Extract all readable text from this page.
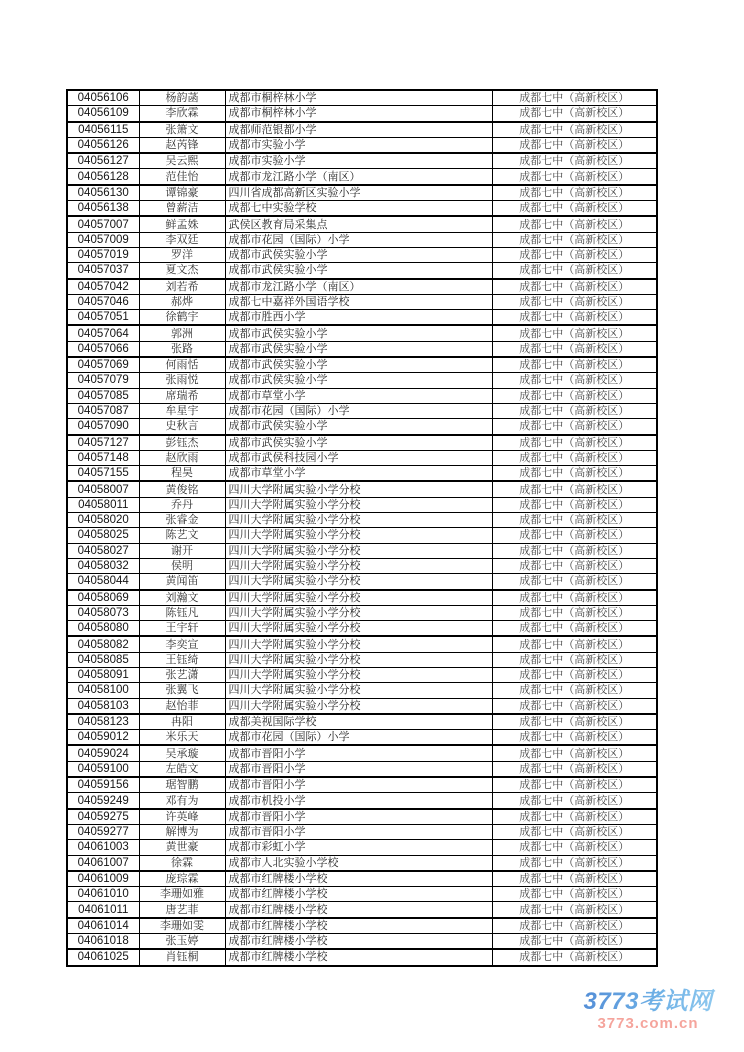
04056106	杨韵菡	成都市桐梓林小学	成都七中（高新校区）
04056109	李欣霖	成都市桐梓林小学	成都七中（高新校区）
04056115	张箫文	成都师范银都小学	成都七中（高新校区）
04056126	赵芮锋	成都市实验小学	成都七中（高新校区）
04056127	吴云熙	成都市实验小学	成都七中（高新校区）
04056128	范佳怡	成都市龙江路小学（南区）	成都七中（高新校区）
04056130	谭锦豪	四川省成都高新区实验小学	成都七中（高新校区）
04056138	曾薪洁	成都七中实验学校	成都七中（高新校区）
04057007	鲜孟姝	武侯区教育局采集点	成都七中（高新校区）
04057009	李双廷	成都市花园（国际）小学	成都七中（高新校区）
04057019	罗洋	成都市武侯实验小学	成都七中（高新校区）
04057037	夏文杰	成都市武侯实验小学	成都七中（高新校区）
04057042	刘若希	成都市龙江路小学（南区）	成都七中（高新校区）
04057046	郝烨	成都七中嘉祥外国语学校	成都七中（高新校区）
04057051	徐鹤宇	成都市胜西小学	成都七中（高新校区）
04057064	郭洲	成都市武侯实验小学	成都七中（高新校区）
04057066	张路	成都市武侯实验小学	成都七中（高新校区）
04057069	何雨恬	成都市武侯实验小学	成都七中（高新校区）
04057079	张雨悦	成都市武侯实验小学	成都七中（高新校区）
04057085	席瑞希	成都市草堂小学	成都七中（高新校区）
04057087	牟星宇	成都市花园（国际）小学	成都七中（高新校区）
04057090	史秋言	成都市武侯实验小学	成都七中（高新校区）
04057127	彭钰杰	成都市武侯实验小学	成都七中（高新校区）
04057148	赵欣雨	成都市武侯科技园小学	成都七中（高新校区）
04057155	程昊	成都市草堂小学	成都七中（高新校区）
04058007	黄俊铭	四川大学附属实验小学分校	成都七中（高新校区）
04058011	乔丹	四川大学附属实验小学分校	成都七中（高新校区）
04058020	张睿金	四川大学附属实验小学分校	成都七中（高新校区）
04058025	陈艺文	四川大学附属实验小学分校	成都七中（高新校区）
04058027	谢开	四川大学附属实验小学分校	成都七中（高新校区）
04058032	侯明	四川大学附属实验小学分校	成都七中（高新校区）
04058044	黄闻笛	四川大学附属实验小学分校	成都七中（高新校区）
04058069	刘瀚文	四川大学附属实验小学分校	成都七中（高新校区）
04058073	陈钰凡	四川大学附属实验小学分校	成都七中（高新校区）
04058080	王宇轩	四川大学附属实验小学分校	成都七中（高新校区）
04058082	李奕宣	四川大学附属实验小学分校	成都七中（高新校区）
04058085	王钰绮	四川大学附属实验小学分校	成都七中（高新校区）
04058091	张艺潇	四川大学附属实验小学分校	成都七中（高新校区）
04058100	张翼飞	四川大学附属实验小学分校	成都七中（高新校区）
04058103	赵怡菲	四川大学附属实验小学分校	成都七中（高新校区）
04058123	冉阳	成都美视国际学校	成都七中（高新校区）
04059012	米乐天	成都市花园（国际）小学	成都七中（高新校区）
04059024	吴承璇	成都市晋阳小学	成都七中（高新校区）
04059100	左皓文	成都市晋阳小学	成都七中（高新校区）
04059156	琚智鹏	成都市晋阳小学	成都七中（高新校区）
04059249	邓有为	成都市机投小学	成都七中（高新校区）
04059275	许英峰	成都市晋阳小学	成都七中（高新校区）
04059277	解博为	成都市晋阳小学	成都七中（高新校区）
04061003	黄世豪	成都市彩虹小学	成都七中（高新校区）
04061007	徐霖	成都市人北实验小学校	成都七中（高新校区）
04061009	庞琮霖	成都市红牌楼小学校	成都七中（高新校区）
04061010	李珊如雅	成都市红牌楼小学校	成都七中（高新校区）
04061011	唐艺菲	成都市红牌楼小学校	成都七中（高新校区）
04061014	李珊如雯	成都市红牌楼小学校	成都七中（高新校区）
04061018	张玉婷	成都市红牌楼小学校	成都七中（高新校区）
04061025	肖钰桐	成都市红牌楼小学校	成都七中（高新校区）
3773考试网
3773.com.cn
